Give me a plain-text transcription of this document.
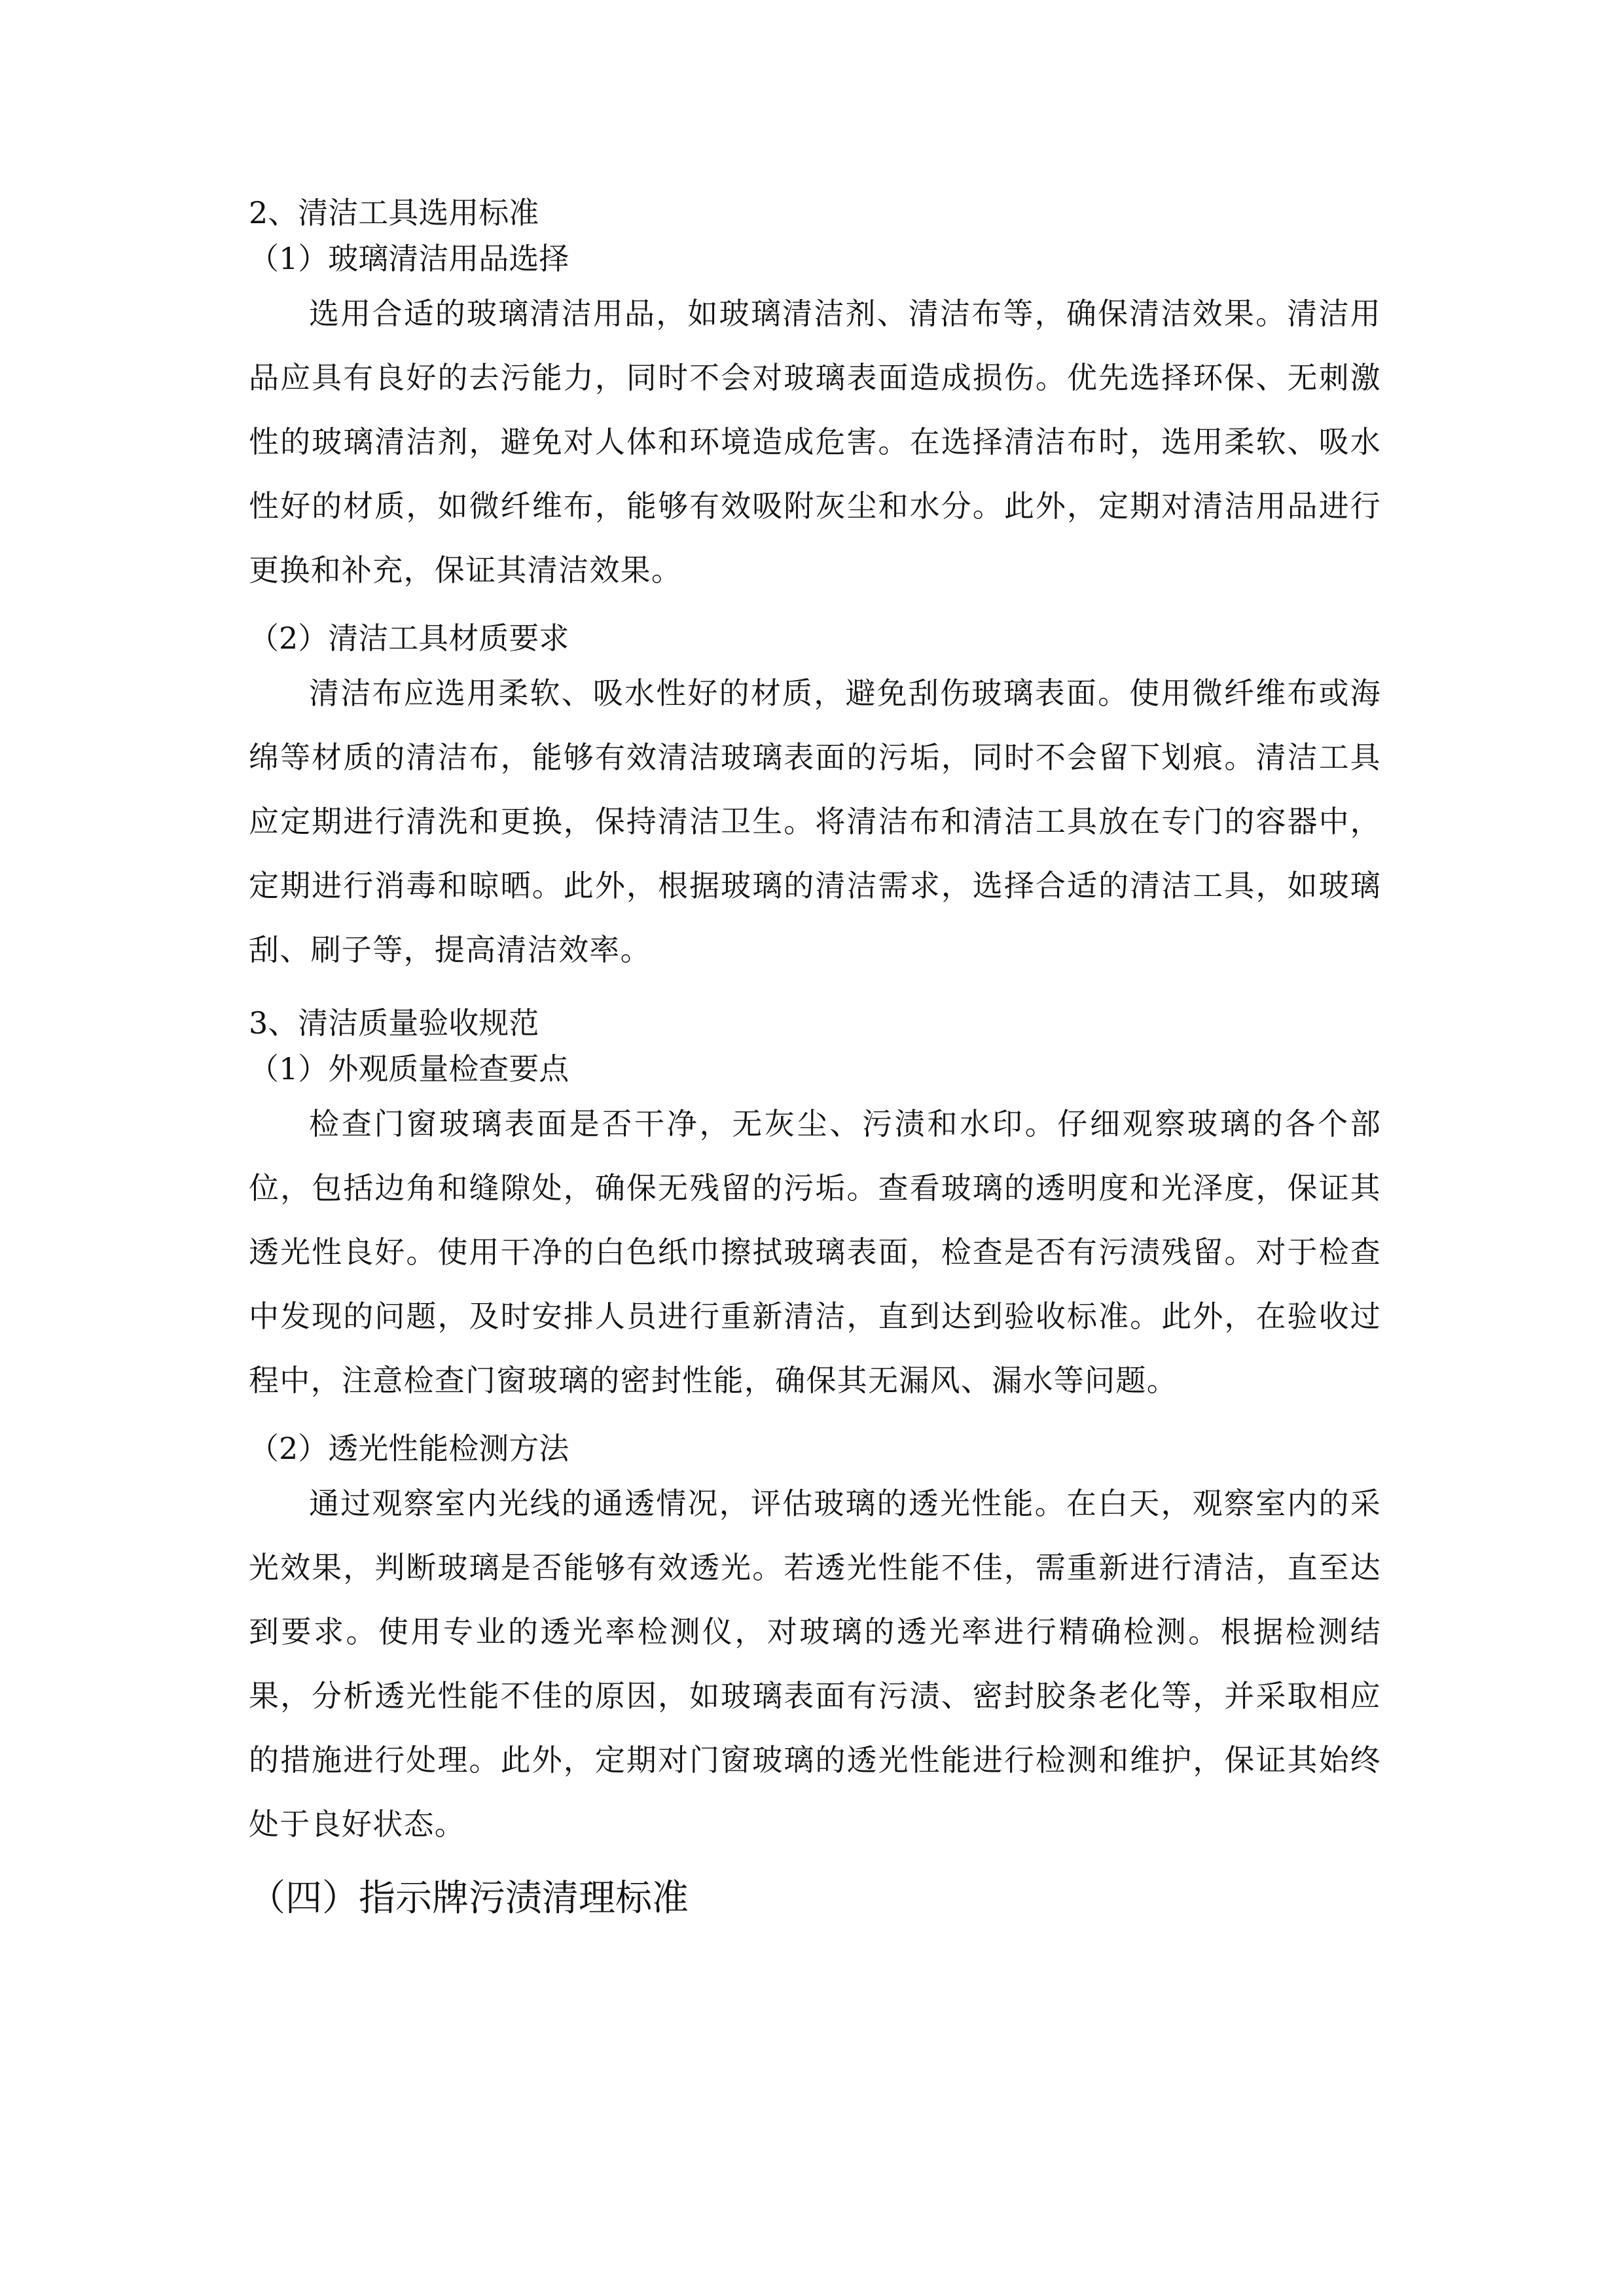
2、清洁工具选用标准

（1）玻璃清洁用品选择

选用合适的玻璃清洁用品，如玻璃清洁剂、清洁布等，确保清洁效果。清洁用品应具有良好的去污能力，同时不会对玻璃表面造成损伤。优先选择环保、无刺激性的玻璃清洁剂，避免对人体和环境造成危害。在选择清洁布时，选用柔软、吸水性好的材质，如微纤维布，能够有效吸附灰尘和水分。此外，定期对清洁用品进行更换和补充，保证其清洁效果。

（2）清洁工具材质要求

清洁布应选用柔软、吸水性好的材质，避免刮伤玻璃表面。使用微纤维布或海绵等材质的清洁布，能够有效清洁玻璃表面的污垢，同时不会留下划痕。清洁工具应定期进行清洗和更换，保持清洁卫生。将清洁布和清洁工具放在专门的容器中，定期进行消毒和晾晒。此外，根据玻璃的清洁需求，选择合适的清洁工具，如玻璃刮、刷子等，提高清洁效率。

3、清洁质量验收规范

（1）外观质量检查要点

检查门窗玻璃表面是否干净，无灰尘、污渍和水印。仔细观察玻璃的各个部位，包括边角和缝隙处，确保无残留的污垢。查看玻璃的透明度和光泽度，保证其透光性良好。使用干净的白色纸巾擦拭玻璃表面，检查是否有污渍残留。对于检查中发现的问题，及时安排人员进行重新清洁，直到达到验收标准。此外，在验收过程中，注意检查门窗玻璃的密封性能，确保其无漏风、漏水等问题。

（2）透光性能检测方法

通过观察室内光线的通透情况，评估玻璃的透光性能。在白天，观察室内的采光效果，判断玻璃是否能够有效透光。若透光性能不佳，需重新进行清洁，直至达到要求。使用专业的透光率检测仪，对玻璃的透光率进行精确检测。根据检测结果，分析透光性能不佳的原因，如玻璃表面有污渍、密封胶条老化等，并采取相应的措施进行处理。此外，定期对门窗玻璃的透光性能进行检测和维护，保证其始终处于良好状态。

（四）指示牌污渍清理标准
